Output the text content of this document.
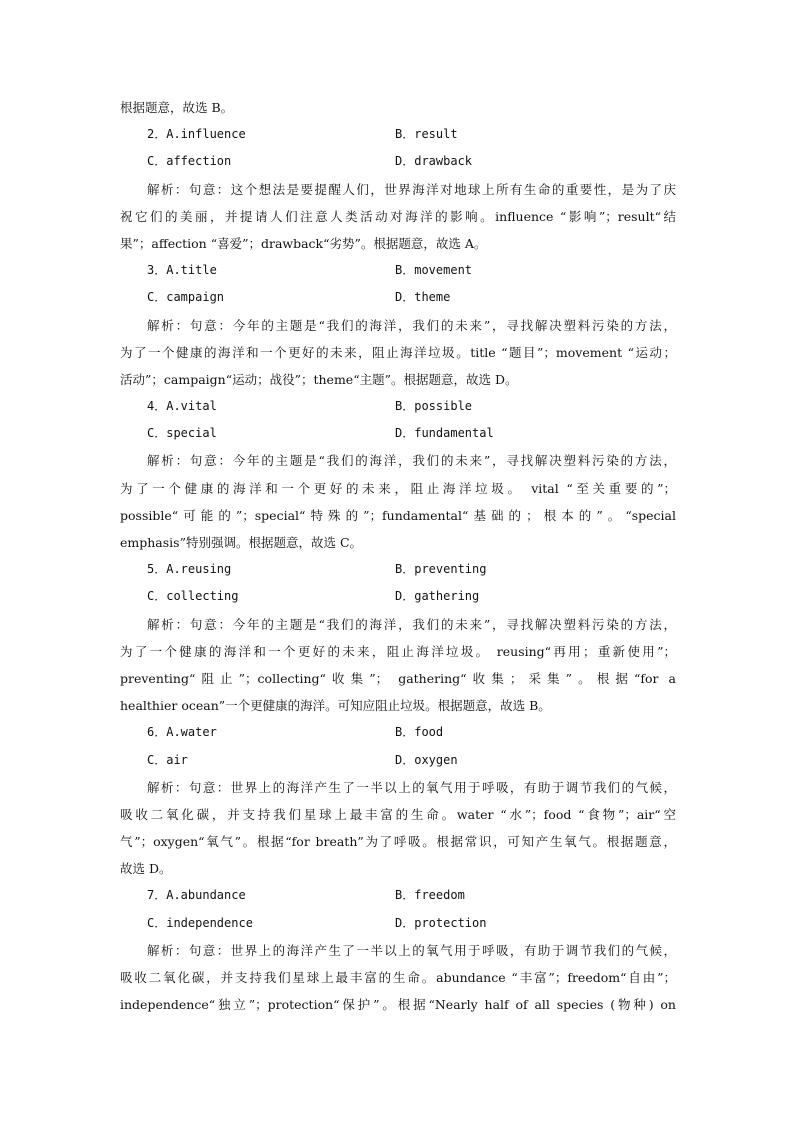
根据题意，故选 B。
2．A.influence	B．result
C．affection	D．drawback
解析：句意：这个想法是要提醒人们，世界海洋对地球上所有生命的重要性，是为了庆
祝它们的美丽，并提请人们注意人类活动对海洋的影响。influence “影响”；result“结
果”；affection “喜爱”；drawback“劣势”。根据题意，故选 A。
3．A.title	B．movement
C．campaign	D．theme
解析：句意：今年的主题是“我们的海洋，我们的未来”，寻找解决塑料污染的方法，
为了一个健康的海洋和一个更好的未来，阻止海洋垃圾。title “题目”；movement “运动；
活动”；campaign“运动；战役”；theme“主题”。根据题意，故选 D。
4．A.vital	B．possible
C．special	D．fundamental
解析：句意：今年的主题是“我们的海洋，我们的未来”，寻找解决塑料污染的方法，
为了一个健康的海洋和一个更好的未来，阻止海洋垃圾。 vital “至关重要的”；
possible“可能的”；special“特殊的”；fundamental“基础的；根本的”。“special
emphasis”特别强调。根据题意，故选 C。
5．A.reusing	B．preventing
C．collecting	D．gathering
解析：句意：今年的主题是“我们的海洋，我们的未来”，寻找解决塑料污染的方法，
为了一个健康的海洋和一个更好的未来，阻止海洋垃圾。 reusing“再用；重新使用”；
preventing“阻止”；collecting“收集”； gathering“收集；采集”。根据“for a
healthier ocean”一个更健康的海洋。可知应阻止垃圾。根据题意，故选 B。
6．A.water	B．food
C．air	D．oxygen
解析：句意：世界上的海洋产生了一半以上的氧气用于呼吸，有助于调节我们的气候，
吸收二氧化碳，并支持我们星球上最丰富的生命。water “水”；food “食物”；air“空
气”；oxygen“氧气”。根据“for breath”为了呼吸。根据常识，可知产生氧气。根据题意，
故选 D。
7．A.abundance	B．freedom
C．independence	D．protection
解析：句意：世界上的海洋产生了一半以上的氧气用于呼吸，有助于调节我们的气候，
吸收二氧化碳，并支持我们星球上最丰富的生命。abundance “丰富”；freedom“自由”；
independence“独立”；protection“保护”。根据“Nearly half of all species (物种) on
